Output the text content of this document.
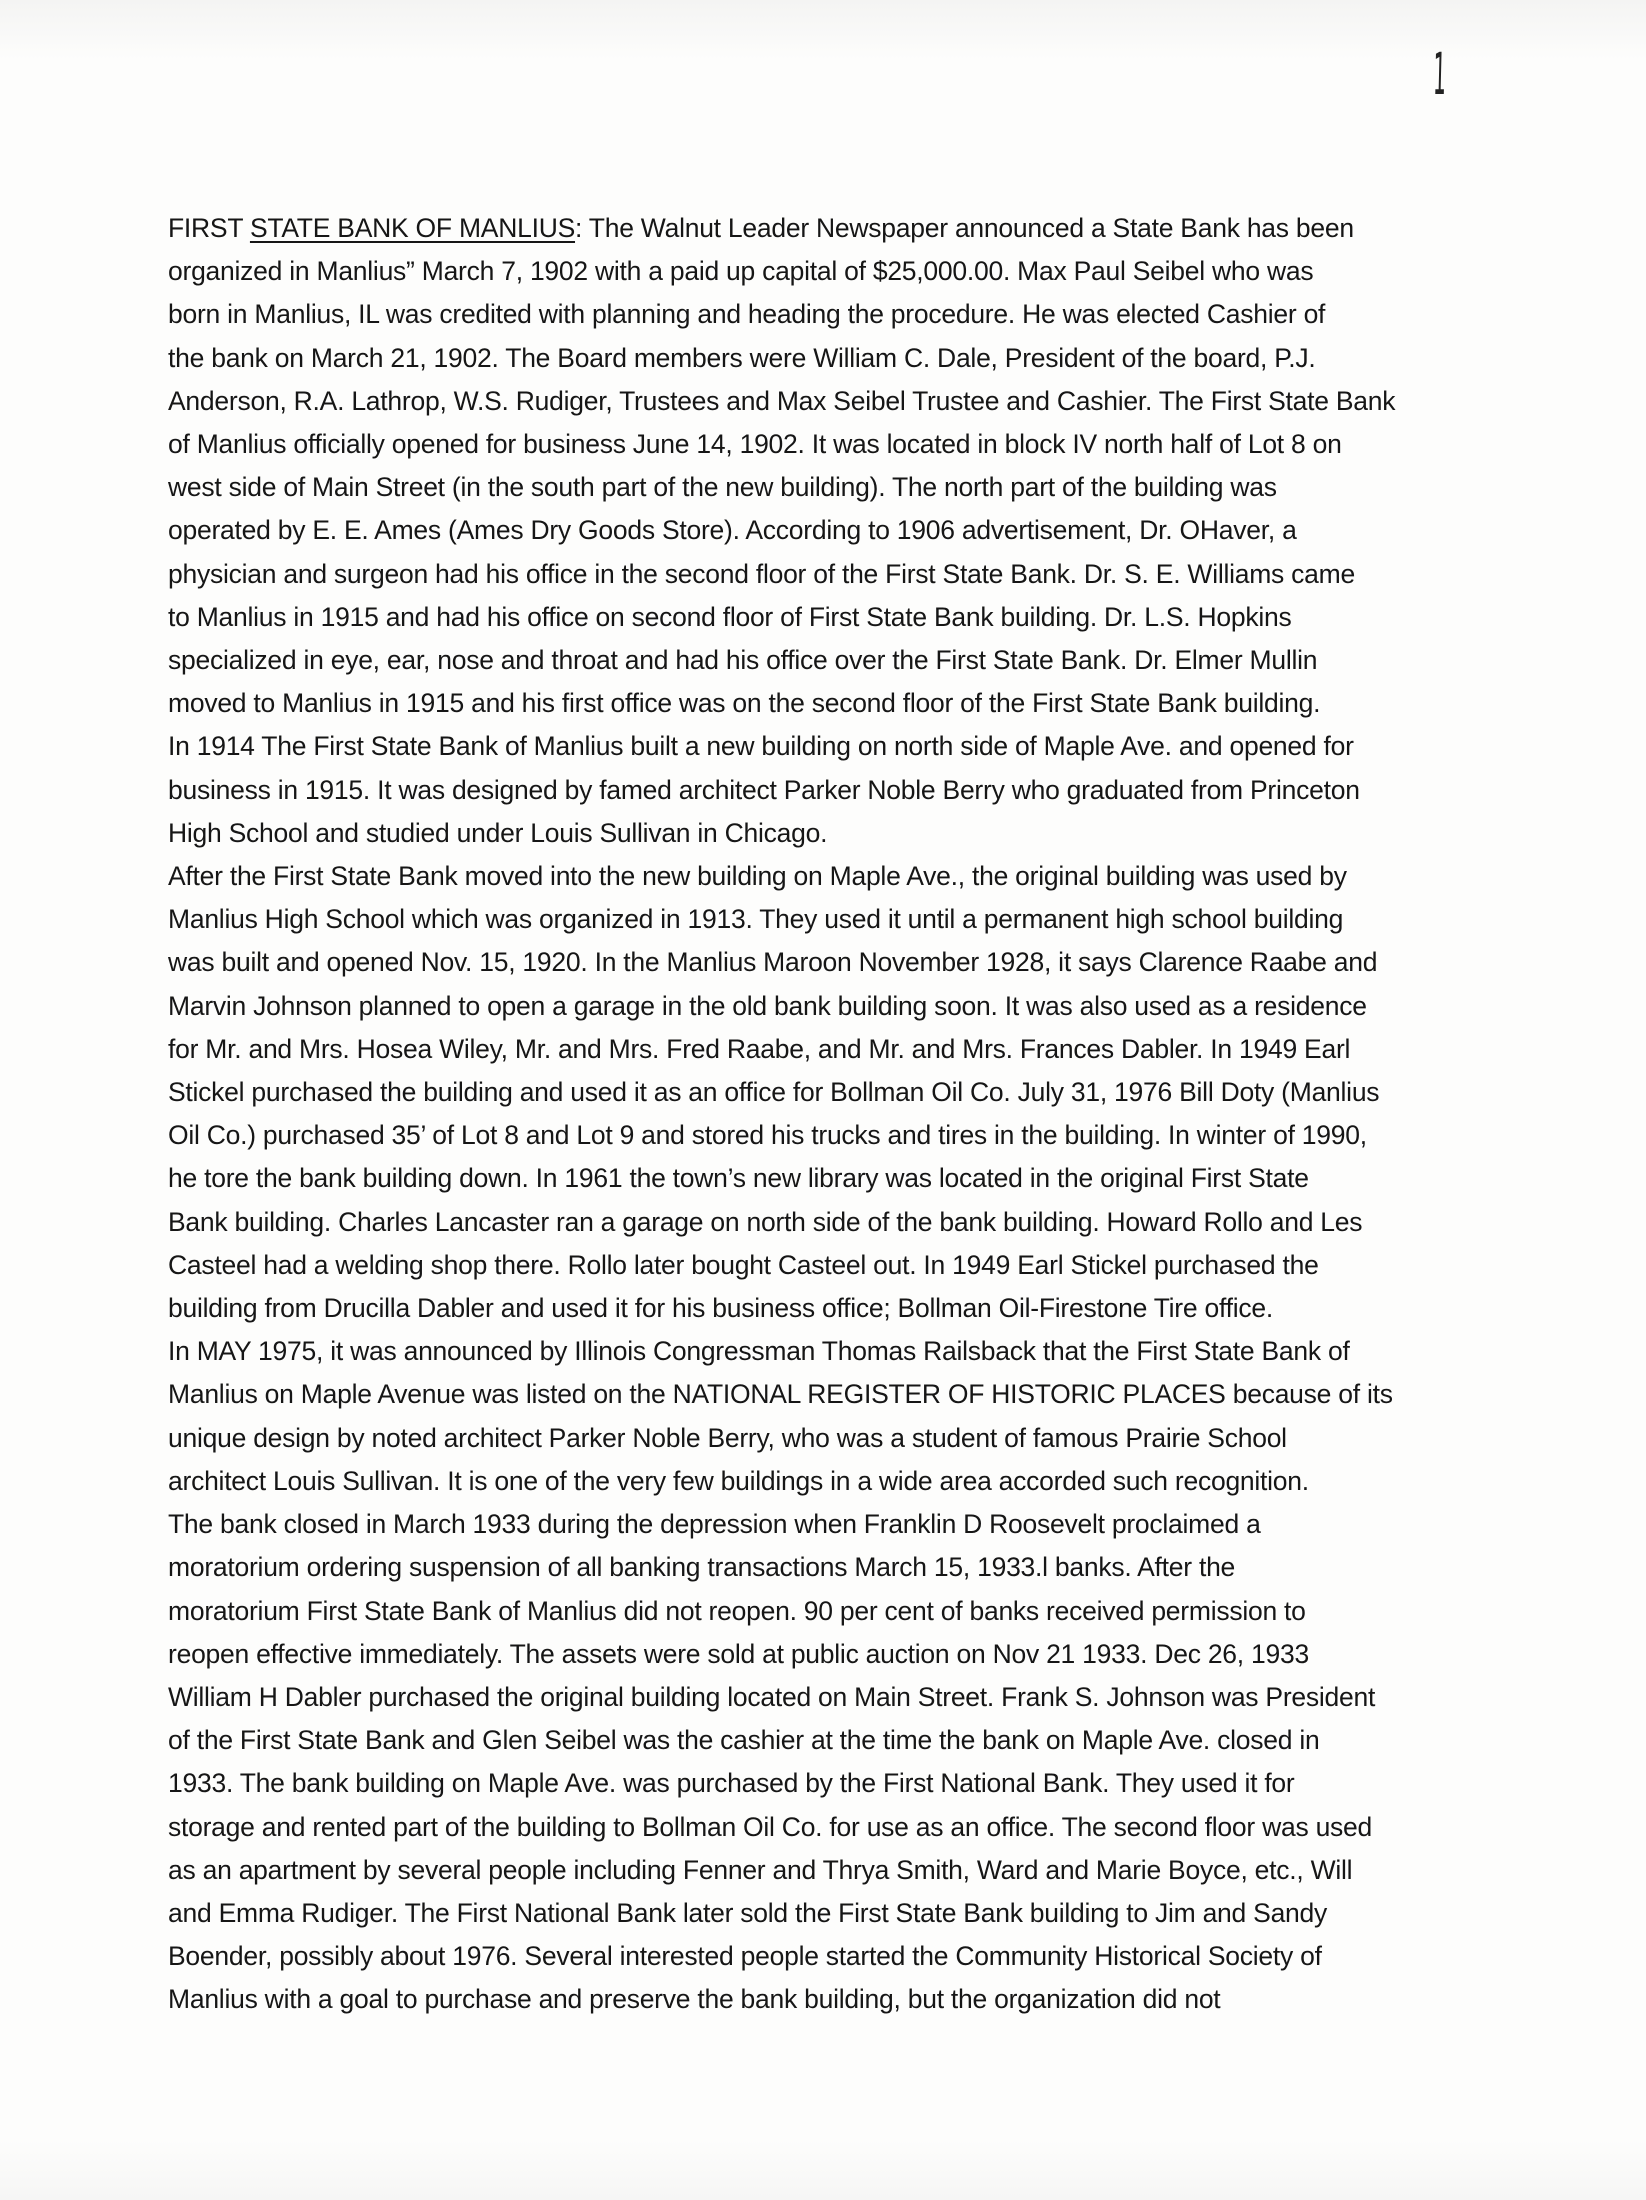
1

FIRST STATE BANK OF MANLIUS: The Walnut Leader Newspaper announced a State Bank has been
organized in Manlius” March 7, 1902 with a paid up capital of $25,000.00. Max Paul Seibel who was
born in Manlius, IL was credited with planning and heading the procedure. He was elected Cashier of
the bank on March 21, 1902. The Board members were William C. Dale, President of the board, P.J.
Anderson, R.A. Lathrop, W.S. Rudiger, Trustees and Max Seibel Trustee and Cashier. The First State Bank
of Manlius officially opened for business June 14, 1902. It was located in block IV north half of Lot 8 on
west side of Main Street (in the south part of the new building). The north part of the building was
operated by E. E. Ames (Ames Dry Goods Store). According to 1906 advertisement, Dr. OHaver, a
physician and surgeon had his office in the second floor of the First State Bank. Dr. S. E. Williams came
to Manlius in 1915 and had his office on second floor of First State Bank building. Dr. L.S. Hopkins
specialized in eye, ear, nose and throat and had his office over the First State Bank. Dr. Elmer Mullin
moved to Manlius in 1915 and his first office was on the second floor of the First State Bank building.
In 1914 The First State Bank of Manlius built a new building on north side of Maple Ave. and opened for
business in 1915. It was designed by famed architect Parker Noble Berry who graduated from Princeton
High School and studied under Louis Sullivan in Chicago.

After the First State Bank moved into the new building on Maple Ave., the original building was used by
Manlius High School which was organized in 1913. They used it until a permanent high school building
was built and opened Nov. 15, 1920. In the Manlius Maroon November 1928, it says Clarence Raabe and
Marvin Johnson planned to open a garage in the old bank building soon. It was also used as a residence
for Mr. and Mrs. Hosea Wiley, Mr. and Mrs. Fred Raabe, and Mr. and Mrs. Frances Dabler. In 1949 Earl
Stickel purchased the building and used it as an office for Bollman Oil Co. July 31, 1976 Bill Doty (Manlius
Oil Co.) purchased 35’ of Lot 8 and Lot 9 and stored his trucks and tires in the building. In winter of 1990,
he tore the bank building down. In 1961 the town’s new library was located in the original First State
Bank building. Charles Lancaster ran a garage on north side of the bank building. Howard Rollo and Les
Casteel had a welding shop there. Rollo later bought Casteel out. In 1949 Earl Stickel purchased the
building from Drucilla Dabler and used it for his business office; Bollman Oil-Firestone Tire office.

In MAY 1975, it was announced by Illinois Congressman Thomas Railsback that the First State Bank of
Manlius on Maple Avenue was listed on the NATIONAL REGISTER OF HISTORIC PLACES because of its
unique design by noted architect Parker Noble Berry, who was a student of famous Prairie School
architect Louis Sullivan. It is one of the very few buildings in a wide area accorded such recognition.
The bank closed in March 1933 during the depression when Franklin D Roosevelt proclaimed a
moratorium ordering suspension of all banking transactions March 15, 1933.l banks. After the
moratorium First State Bank of Manlius did not reopen. 90 per cent of banks received permission to
reopen effective immediately. The assets were sold at public auction on Nov 21 1933. Dec 26, 1933
William H Dabler purchased the original building located on Main Street. Frank S. Johnson was President
of the First State Bank and Glen Seibel was the cashier at the time the bank on Maple Ave. closed in
1933. The bank building on Maple Ave. was purchased by the First National Bank. They used it for
storage and rented part of the building to Bollman Oil Co. for use as an office. The second floor was used
as an apartment by several people including Fenner and Thrya Smith, Ward and Marie Boyce, etc., Will
and Emma Rudiger. The First National Bank later sold the First State Bank building to Jim and Sandy
Boender, possibly about 1976. Several interested people started the Community Historical Society of
Manlius with a goal to purchase and preserve the bank building, but the organization did not
